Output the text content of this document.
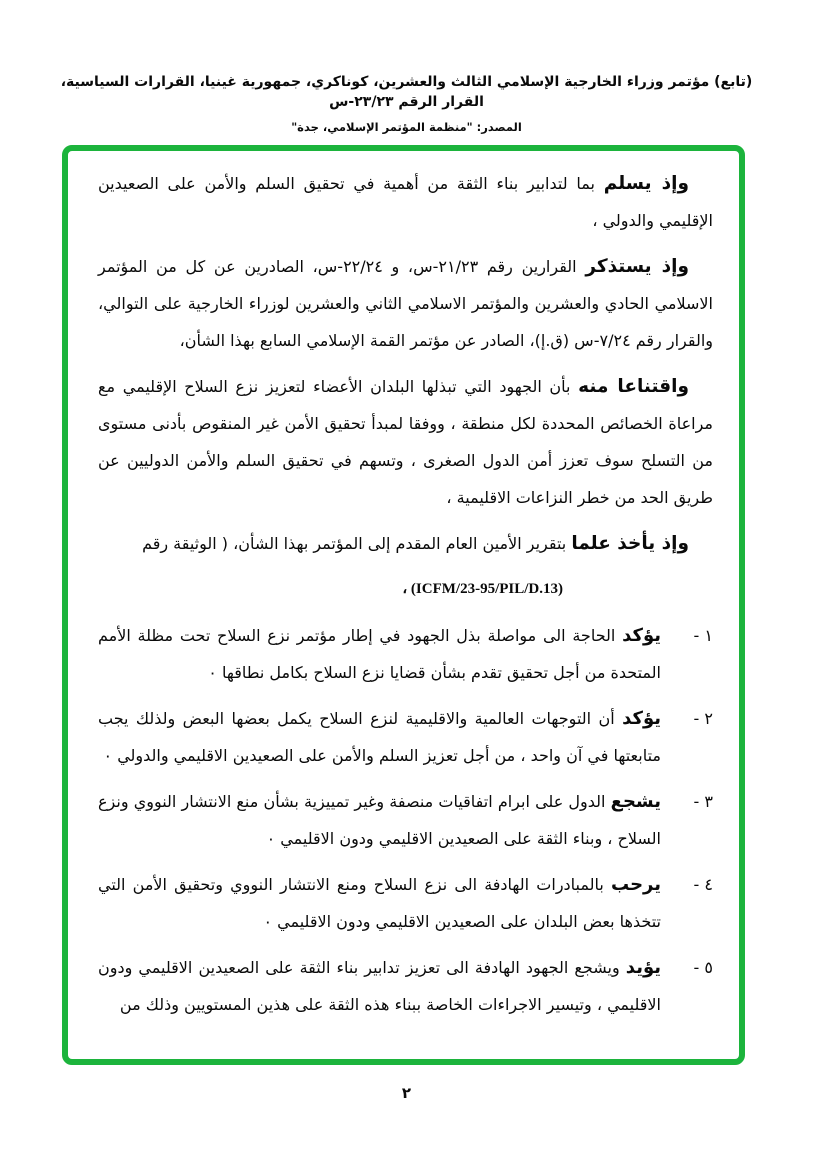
(تابع) مؤتمر وزراء الخارجية الإسلامي الثالث والعشرين، كوناكري، جمهورية غينيا، القرارات السياسية، القرار الرقم ٢٣/٢٣-س
المصدر: "منظمة المؤتمر الإسلامي، جدة"

وإذ يسلم بما لتدابير بناء الثقة من أهمية في تحقيق السلم والأمن على الصعيدين الإقليمي والدولي ،

وإذ يستذكر القرارين رقم ٢١/٢٣-س، و ٢٢/٢٤-س، الصادرين عن كل من المؤتمر الاسلامي الحادي والعشرين والمؤتمر الاسلامي الثاني والعشرين لوزراء الخارجية على التوالي، والقرار رقم ٧/٢٤-س (ق.إ)، الصادر عن مؤتمر القمة الإسلامي السابع بهذا الشأن،

واقتناعا منه بأن الجهود التي تبذلها البلدان الأعضاء لتعزيز نزع السلاح الإقليمي مع مراعاة الخصائص المحددة لكل منطقة ، ووفقا لمبدأ تحقيق الأمن غير المنقوص بأدنى مستوى من التسلح سوف تعزز أمن الدول الصغرى ، وتسهم في تحقيق السلم والأمن الدوليين عن طريق الحد من خطر النزاعات الاقليمية ،

وإذ يأخذ علما بتقرير الأمين العام المقدم إلى المؤتمر بهذا الشأن، ( الوثيقة رقم

(ICFM/23-95/PIL/D.13) ،
١ -
يؤكد الحاجة الى مواصلة بذل الجهود في إطار مؤتمر نزع السلاح تحت مظلة الأمم المتحدة من أجل تحقيق تقدم بشأن قضايا نزع السلاح بكامل نطاقها ٠
٢ -
يؤكد أن التوجهات العالمية والاقليمية لنزع السلاح يكمل بعضها البعض ولذلك يجب متابعتها في آن واحد ، من أجل تعزيز السلم والأمن على الصعيدين الاقليمي والدولي ٠
٣ -
يشجع الدول على ابرام اتفاقيات منصفة وغير تمييزية بشأن منع الانتشار النووي ونزع السلاح ، وبناء الثقة على الصعيدين الاقليمي ودون الاقليمي ٠
٤ -
يرحب بالمبادرات الهادفة الى نزع السلاح ومنع الانتشار النووي وتحقيق الأمن التي تتخذها بعض البلدان على الصعيدين الاقليمي ودون الاقليمي ٠
٥ -
يؤيد ويشجع الجهود الهادفة الى تعزيز تدابير بناء الثقة على الصعيدين الاقليمي ودون الاقليمي ، وتيسير الاجراءات الخاصة ببناء هذه الثقة على هذين المستويين وذلك من
٢
